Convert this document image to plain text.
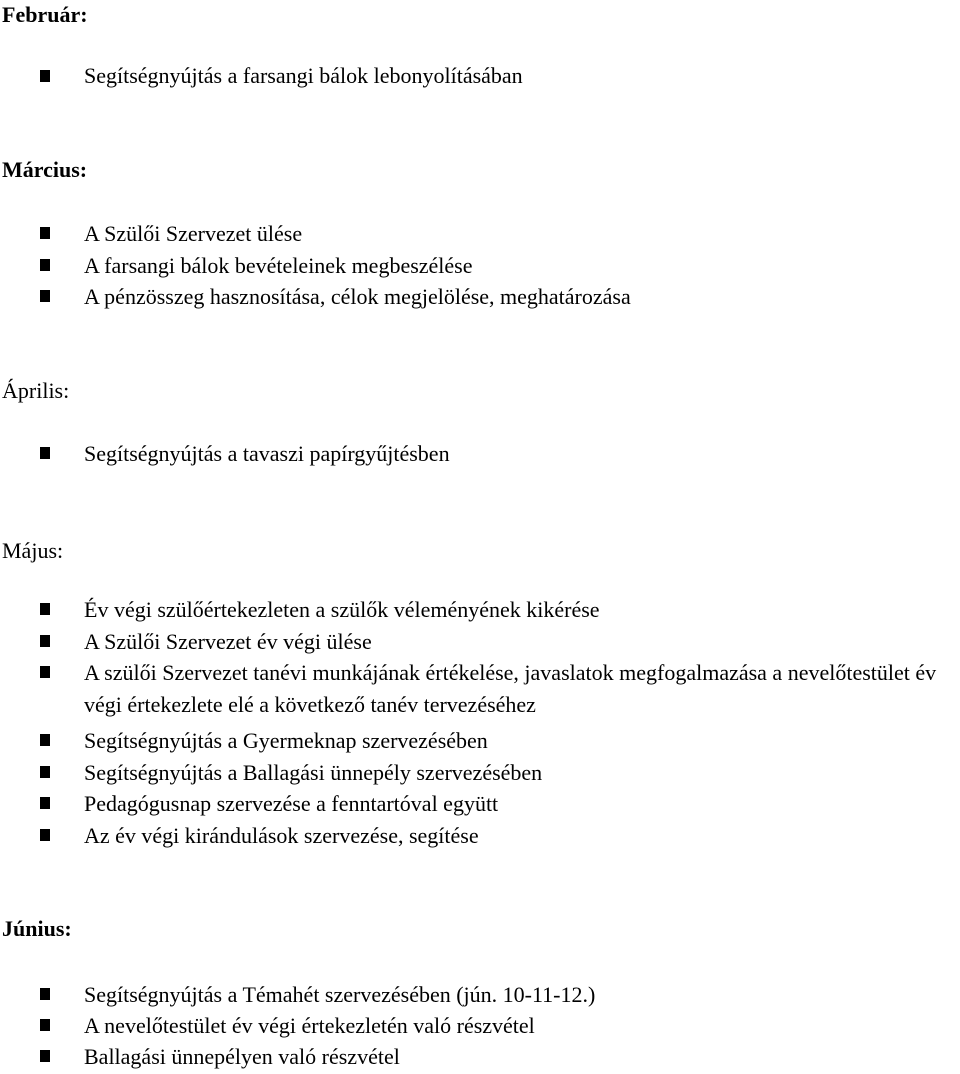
Február:
Segítségnyújtás a farsangi bálok lebonyolításában
Március:
A Szülői Szervezet ülése
A farsangi bálok bevételeinek megbeszélése
A pénzösszeg hasznosítása, célok megjelölése, meghatározása
Április:
Segítségnyújtás a tavaszi papírgyűjtésben
Május:
Év végi szülőértekezleten a szülők véleményének kikérése
A Szülői Szervezet év végi ülése
A szülői Szervezet tanévi munkájának értékelése, javaslatok megfogalmazása a nevelőtestület év végi értekezlete elé a következő tanév tervezéséhez
Segítségnyújtás a Gyermeknap szervezésében
Segítségnyújtás a Ballagási ünnepély szervezésében
Pedagógusnap szervezése a fenntartóval együtt
Az év végi kirándulások szervezése, segítése
Június:
Segítségnyújtás a Témahét szervezésében (jún. 10-11-12.)
A nevelőtestület év végi értekezletén való részvétel
Ballagási ünnepélyen való részvétel
